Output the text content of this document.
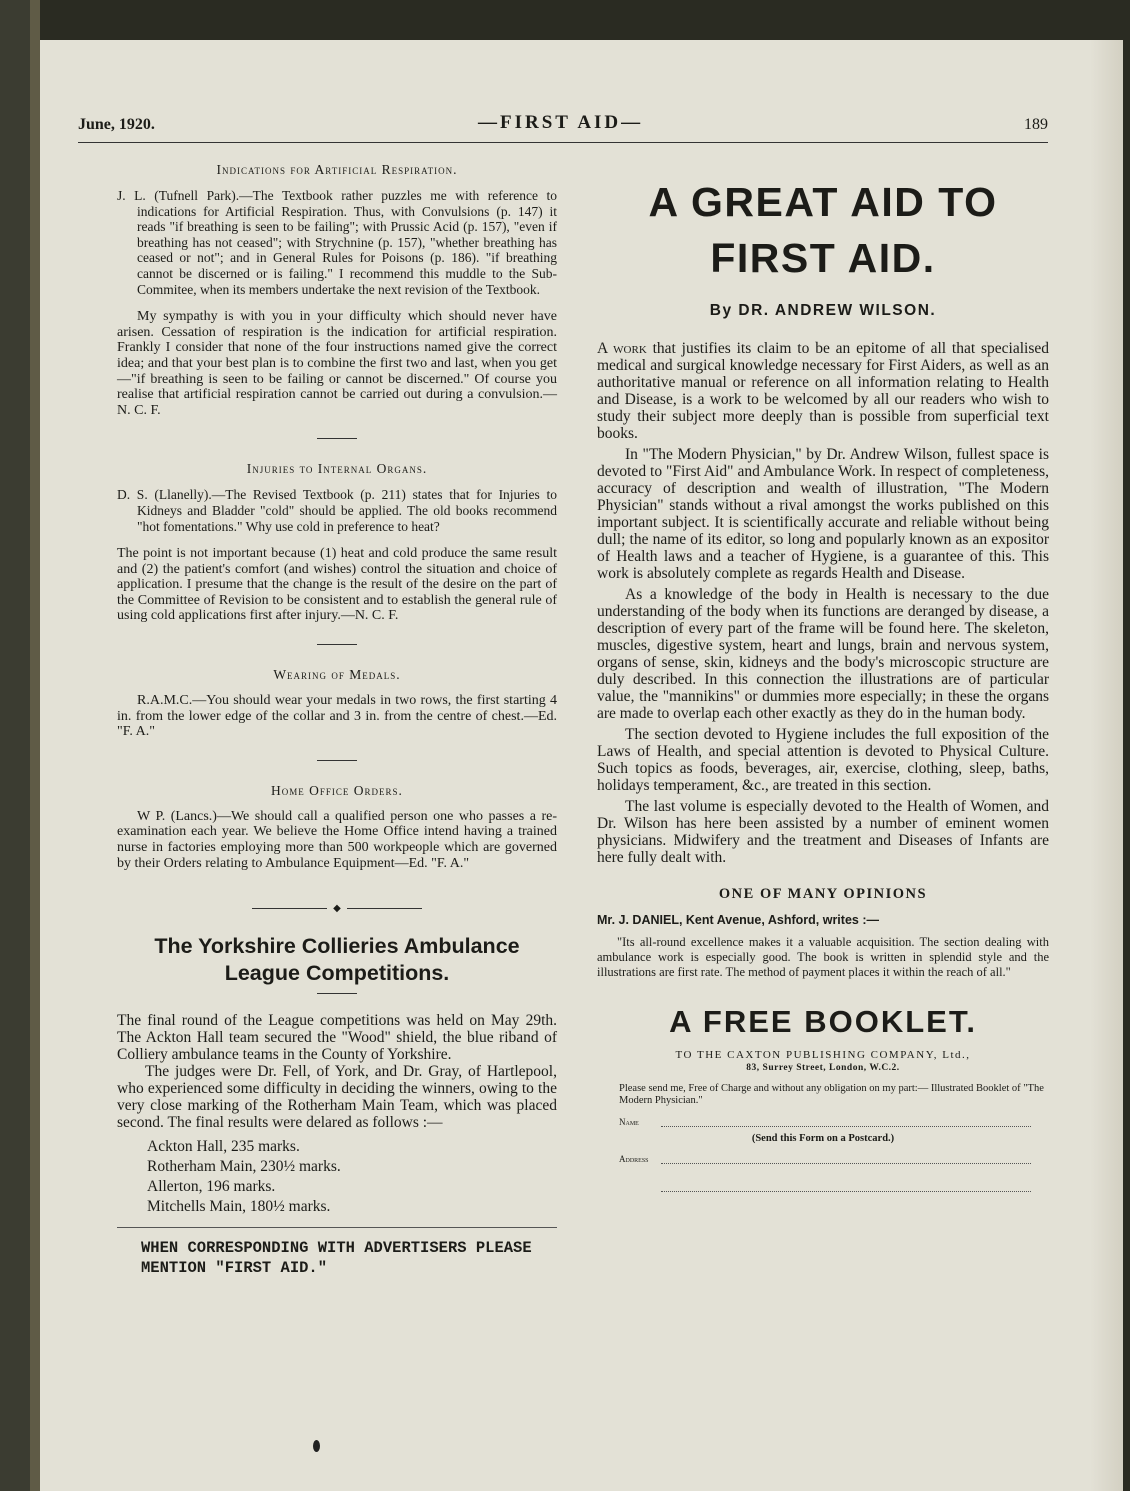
June, 1920.	—FIRST AID—	189
Indications for Artificial Respiration.

J. L. (Tufnell Park).—The Textbook rather puzzles me with reference to indications for Artificial Respiration. Thus, with Convulsions (p. 147) it reads "if breathing is seen to be failing"; with Prussic Acid (p. 157), "even if breathing has not ceased"; with Strychnine (p. 157), "whether breathing has ceased or not"; and in General Rules for Poisons (p. 186). "if breathing cannot be discerned or is failing." I recommend this muddle to the Sub-Commitee, when its members undertake the next revision of the Textbook.

My sympathy is with you in your difficulty which should never have arisen. Cessation of respiration is the indication for artificial respiration. Frankly I consider that none of the four instructions named give the correct idea; and that your best plan is to combine the first two and last, when you get—"if breathing is seen to be failing or cannot be discerned." Of course you realise that artificial respiration cannot be carried out during a convulsion.—N. C. F.

Injuries to Internal Organs.

D. S. (Llanelly).—The Revised Textbook (p. 211) states that for Injuries to Kidneys and Bladder "cold" should be applied. The old books recommend "hot fomentations." Why use cold in preference to heat?

The point is not important because (1) heat and cold produce the same result and (2) the patient's comfort (and wishes) control the situation and choice of application. I presume that the change is the result of the desire on the part of the Committee of Revision to be consistent and to establish the general rule of using cold applications first after injury.—N. C. F.

Wearing of Medals.

R.A.M.C.—You should wear your medals in two rows, the first starting 4 in. from the lower edge of the collar and 3 in. from the centre of chest.—Ed. "F. A."

Home Office Orders.

W P. (Lancs.)—We should call a qualified person one who passes a re-examination each year. We believe the Home Office intend having a trained nurse in factories employing more than 500 workpeople which are governed by their Orders relating to Ambulance Equipment—Ed. "F. A."

◆

The Yorkshire Collieries Ambulance
League Competitions.

The final round of the League competitions was held on May 29th. The Ackton Hall team secured the "Wood" shield, the blue riband of Colliery ambulance teams in the County of Yorkshire.

The judges were Dr. Fell, of York, and Dr. Gray, of Hartlepool, who experienced some difficulty in deciding the winners, owing to the very close marking of the Rotherham Main Team, which was placed second. The final results were delared as follows :—

Ackton Hall, 235 marks.
Rotherham Main, 230½ marks.
Allerton, 196 marks.
Mitchells Main, 180½ marks.

WHEN CORRESPONDING WITH ADVERTISERS PLEASE MENTION "FIRST AID."

A GREAT AID TO
FIRST AID.
By DR. ANDREW WILSON.

A work that justifies its claim to be an epitome of all that specialised medical and surgical knowledge necessary for First Aiders, as well as an authoritative manual or reference on all information relating to Health and Disease, is a work to be welcomed by all our readers who wish to study their subject more deeply than is possible from superficial text books.

In "The Modern Physician," by Dr. Andrew Wilson, fullest space is devoted to "First Aid" and Ambulance Work. In respect of completeness, accuracy of description and wealth of illustration, "The Modern Physician" stands without a rival amongst the works published on this important subject. It is scientifically accurate and reliable without being dull; the name of its editor, so long and popularly known as an expositor of Health laws and a teacher of Hygiene, is a guarantee of this. This work is absolutely complete as regards Health and Disease.

As a knowledge of the body in Health is necessary to the due understanding of the body when its functions are deranged by disease, a description of every part of the frame will be found here. The skeleton, muscles, digestive system, heart and lungs, brain and nervous system, organs of sense, skin, kidneys and the body's microscopic structure are duly described. In this connection the illustrations are of particular value, the "mannikins" or dummies more especially; in these the organs are made to overlap each other exactly as they do in the human body.

The section devoted to Hygiene includes the full exposition of the Laws of Health, and special attention is devoted to Physical Culture. Such topics as foods, beverages, air, exercise, clothing, sleep, baths, holidays temperament, &c., are treated in this section.

The last volume is especially devoted to the Health of Women, and Dr. Wilson has here been assisted by a number of eminent women physicians. Midwifery and the treatment and Diseases of Infants are here fully dealt with.

ONE OF MANY OPINIONS
Mr. J. DANIEL, Kent Avenue, Ashford, writes :—

"Its all-round excellence makes it a valuable acquisition. The section dealing with ambulance work is especially good. The book is written in splendid style and the illustrations are first rate. The method of payment places it within the reach of all."

A FREE BOOKLET.

TO THE CAXTON PUBLISHING COMPANY, Ltd.,

83, Surrey Street, London, W.C.2.

Please send me, Free of Charge and without any obligation on my part:— Illustrated Booklet of "The Modern Physician."

Name
(Send this Form on a Postcard.)
Address
